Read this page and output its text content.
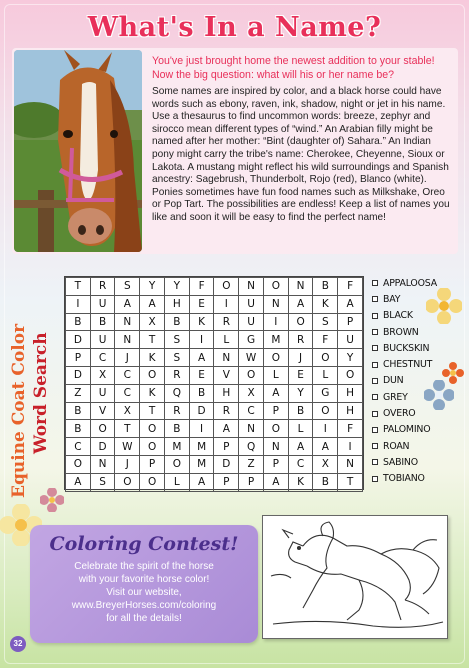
What's In a Name?

You've just brought home the newest addition to your stable! Now the big question: what will his or her name be?

Some names are inspired by color, and a black horse could have words such as ebony, raven, ink, shadow, night or jet in his name. Use a thesaurus to find uncommon words: breeze, zephyr and sirocco mean different types of “wind.” An Arabian filly might be named after her mother: “Bint (daughter of) Sahara.” An Indian pony might carry the tribe's name: Cherokee, Cheyenne, Sioux or Lakota. A mustang might reflect his wild surroundings and Spanish ancestry: Sagebrush, Thunderbolt, Rojo (red), Blanco (white). Ponies sometimes have fun food names such as Milkshake, Oreo or Pop Tart. The possibilities are endless! Keep a list of names you like and soon it will be easy to find the perfect name!

Equine Coat Color Word Search
T	R	S	Y	Y	F	O	N	O	N	B	F
I	U	A	A	H	E	I	U	N	A	K	A
B	B	N	X	B	K	R	U	I	O	S	P
D	U	N	T	S	I	L	G	M	R	F	U
P	C	J	K	S	A	N	W	O	J	O	Y
D	X	C	O	R	E	V	O	L	E	L	O
Z	U	C	K	Q	B	H	X	A	Y	G	H
B	V	X	T	R	D	R	C	P	B	O	H
B	O	T	O	B	I	A	N	O	L	I	F
C	D	W	O	M	M	P	Q	N	A	A	I
O	N	J	P	O	M	D	Z	P	C	X	N
A	S	O	O	L	A	P	P	A	K	B	T
APPALOOSA
BAY
BLACK
BROWN
BUCKSKIN
CHESTNUT
DUN
GREY
OVERO
PALOMINO
ROAN
SABINO
TOBIANO
Coloring Contest!
Celebrate the spirit of the horse
with your favorite horse color!
Visit our website,
www.BreyerHorses.com/coloring
for all the details!
32
